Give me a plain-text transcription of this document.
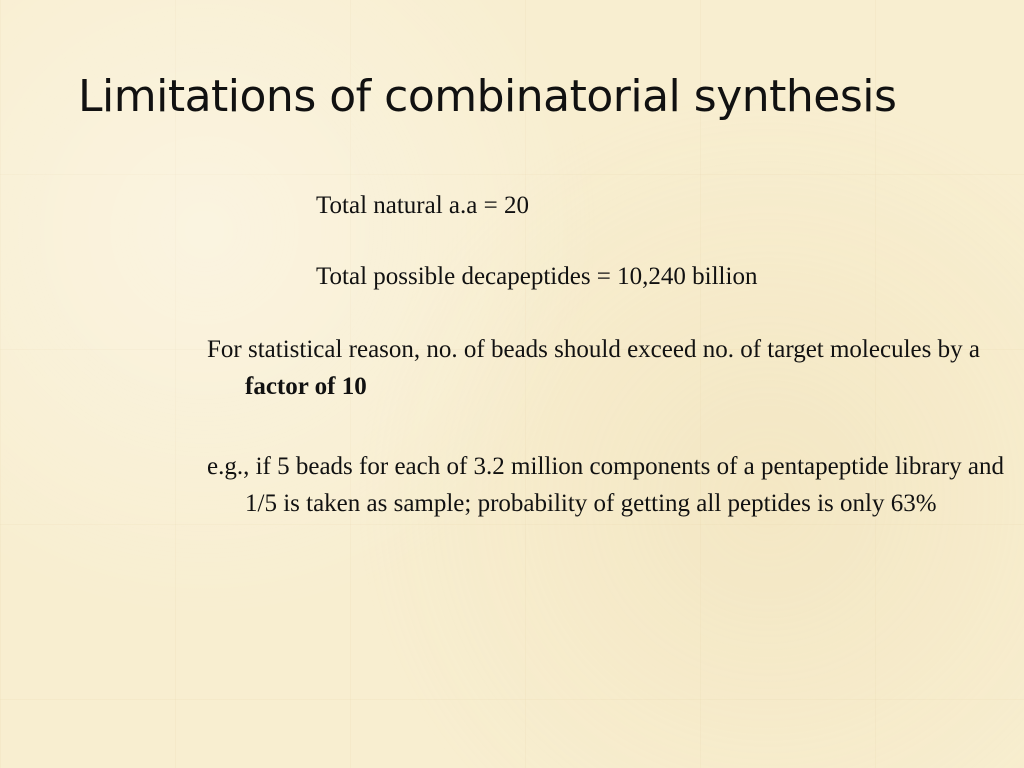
Limitations of combinatorial synthesis

Total natural a.a = 20

Total possible decapeptides = 10,240 billion

For statistical reason, no. of beads should exceed no. of target molecules by a factor of 10

e.g., if 5 beads for each of 3.2 million components of a pentapeptide library and 1/5 is taken as sample; probability of getting all peptides is only 63%
